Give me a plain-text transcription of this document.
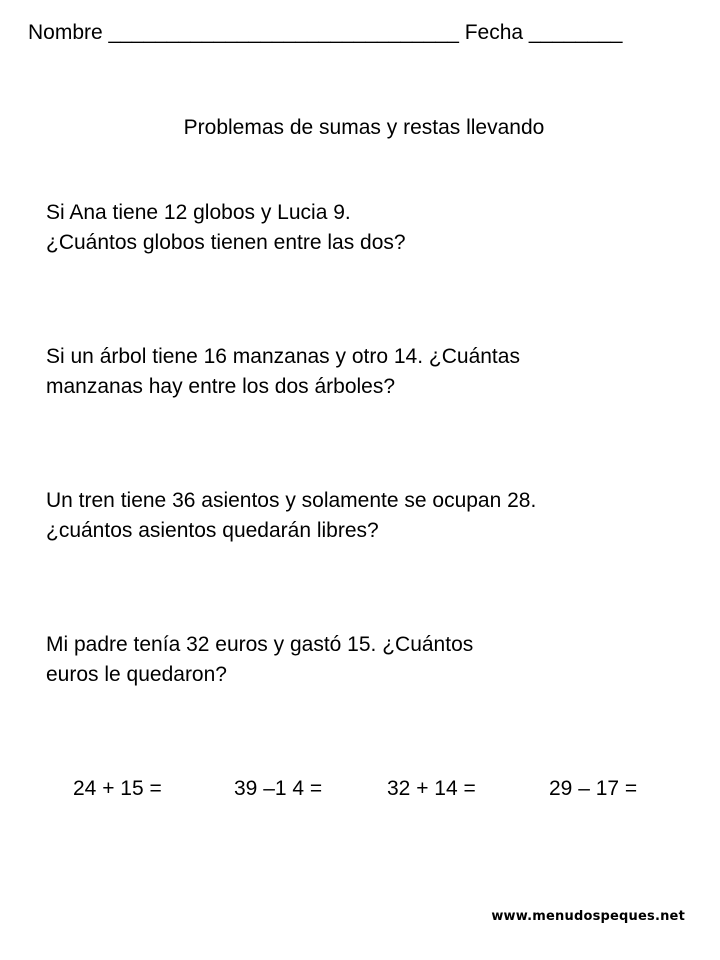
Nombre ______________________________ Fecha ________
Problemas de sumas y restas llevando
Si Ana tiene 12 globos y Lucia 9.
¿Cuántos globos tienen entre las dos?
Si un árbol tiene 16 manzanas y otro 14. ¿Cuántas
manzanas hay entre los dos árboles?
Un tren tiene 36 asientos y solamente se ocupan 28.
¿cuántos asientos quedarán libres?
Mi padre tenía 32 euros y gastó 15. ¿Cuántos
euros le quedaron?
24 + 15 =	39 –1 4 =	32 + 14 =	29 – 17 =
www.menudospeques.net
